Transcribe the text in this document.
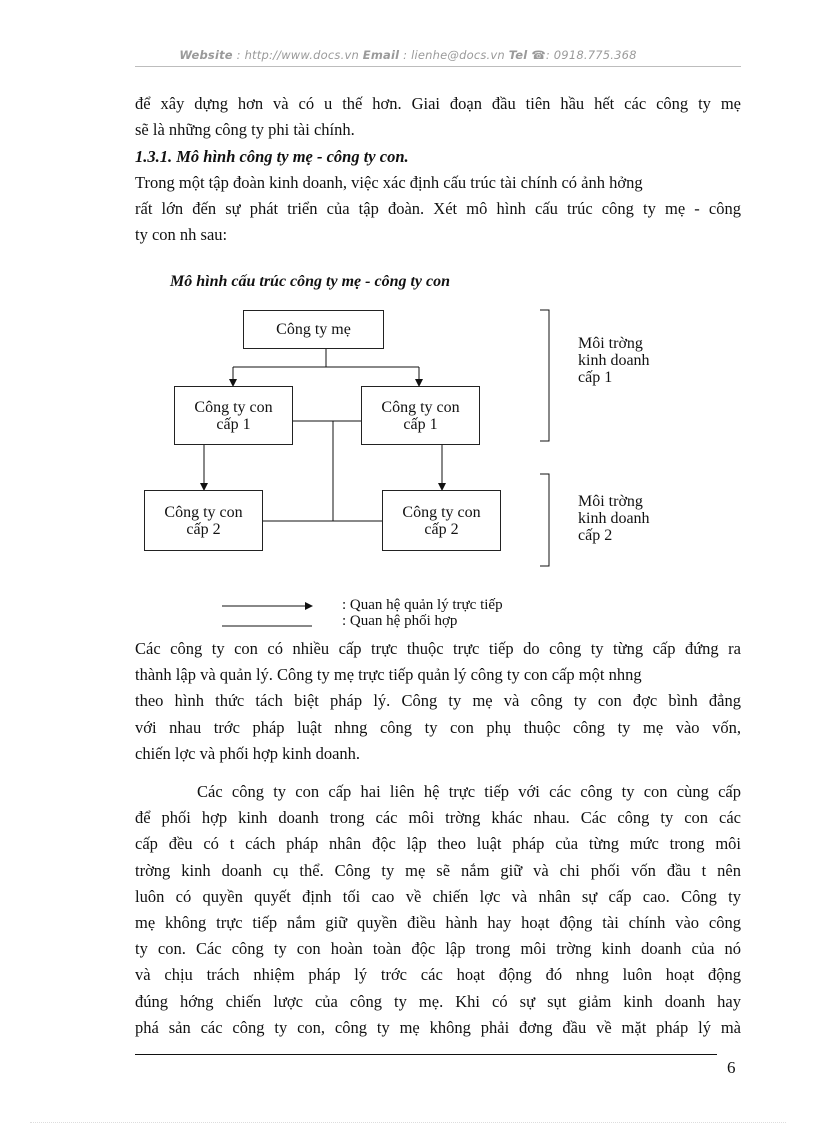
Website : http://www.docs.vn Email : lienhe@docs.vn Tel ☎: 0918.775.368
để xây dựng hơn và có u thế hơn. Giai đoạn đầu tiên hầu hết các công ty mẹ
sẽ là những công ty phi tài chính.
1.3.1. Mô hình công ty mẹ - công ty con.
Trong một tập đoàn kinh doanh, việc xác định cấu trúc tài chính có ảnh hởng
rất lớn đến sự phát triển của tập đoàn. Xét mô hình cấu trúc công ty mẹ - công
ty con nh sau:
Mô hình cấu trúc công ty mẹ - công ty con
Công ty mẹ
Công ty con cấp 1
Công ty con cấp 1
Công ty con cấp 2
Công ty con cấp 2
Môi trờng
kinh doanh
cấp 1
Môi trờng
kinh doanh
cấp 2
: Quan hệ quản lý trực tiếp
: Quan hệ phối hợp
Các công ty con có nhiều cấp trực thuộc trực tiếp do công ty từng cấp đứng ra
thành lập và quản lý. Công ty mẹ trực tiếp quản lý công ty con cấp một nhng
theo hình thức tách biệt pháp lý. Công ty mẹ và công ty con đợc bình đẳng
với nhau trớc pháp luật nhng công ty con phụ thuộc công ty mẹ vào vốn,
chiến lợc và phối hợp kinh doanh.
Các công ty con cấp hai liên hệ trực tiếp với các công ty con cùng cấp
để phối hợp kinh doanh trong các môi trờng khác nhau. Các công ty con các
cấp đều có t cách pháp nhân độc lập theo luật pháp của từng mức trong môi
trờng kinh doanh cụ thể. Công ty mẹ sẽ nắm giữ và chi phối vốn đầu t nên
luôn có quyền quyết định tối cao về chiến lợc và nhân sự cấp cao. Công ty
mẹ không trực tiếp nắm giữ quyền điều hành hay hoạt động tài chính vào công
ty con. Các công ty con hoàn toàn độc lập trong môi trờng kinh doanh của nó
và chịu trách nhiệm pháp lý trớc các hoạt động đó nhng luôn hoạt động
đúng hớng chiến lược của công ty mẹ. Khi có sự sụt giảm kinh doanh hay
phá sản các công ty con, công ty mẹ không phải đơng đầu về mặt pháp lý mà
6
